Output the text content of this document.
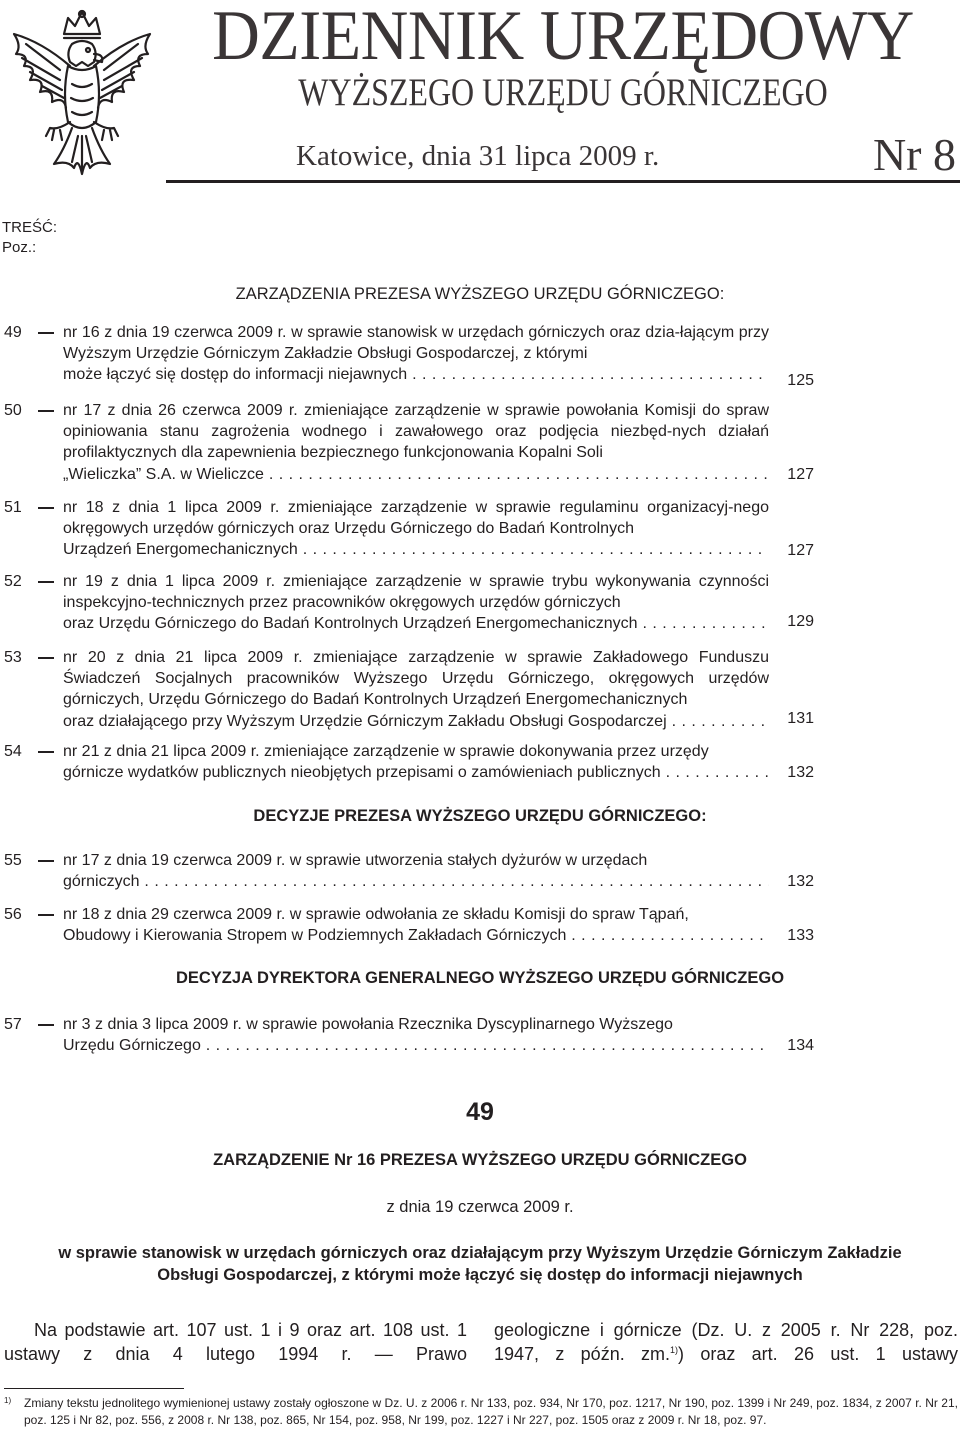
DZIENNIK URZĘDOWY
WYŻSZEGO URZĘDU GÓRNICZEGO
Katowice, dnia 31 lipca 2009 r.	Nr 8
TREŚĆ:
Poz.:
ZARZĄDZENIA PREZESA WYŻSZEGO URZĘDU GÓRNICZEGO:
49	nr 16 z dnia 19 czerwca 2009 r. w sprawie stanowisk w urzędach górniczych oraz dzia-łającym przy Wyższym Urzędzie Górniczym Zakładzie Obsługi Gospodarczej, z którymi
może łączyć się dostęp do informacji niejawnych . . .	125
50	nr 17 z dnia 26 czerwca 2009 r. zmieniające zarządzenie w sprawie powołania Komisji do spraw opiniowania stanu zagrożenia wodnego i zawałowego oraz podjęcia niezbęd-nych działań profilaktycznych dla zapewnienia bezpiecznego funkcjonowania Kopalni Soli
„Wieliczka” S.A. w Wieliczce . . .	127
51	nr 18 z dnia 1 lipca 2009 r. zmieniające zarządzenie w sprawie regulaminu organizacyj-nego okręgowych urzędów górniczych oraz Urzędu Górniczego do Badań Kontrolnych
Urządzeń Energomechanicznych . . .	127
52	nr 19 z dnia 1 lipca 2009 r. zmieniające zarządzenie w sprawie trybu wykonywania czynności inspekcyjno-technicznych przez pracowników okręgowych urzędów górniczych
oraz Urzędu Górniczego do Badań Kontrolnych Urządzeń Energomechanicznych . . .	129
53	nr 20 z dnia 21 lipca 2009 r. zmieniające zarządzenie w sprawie Zakładowego Funduszu Świadczeń Socjalnych pracowników Wyższego Urzędu Górniczego, okręgowych urzędów górniczych, Urzędu Górniczego do Badań Kontrolnych Urządzeń Energomechanicznych
oraz działającego przy Wyższym Urzędzie Górniczym Zakładu Obsługi Gospodarczej . . .	131
54	nr 21 z dnia 21 lipca 2009 r. zmieniające zarządzenie w sprawie dokonywania przez urzędy
górnicze wydatków publicznych nieobjętych przepisami o zamówieniach publicznych . . .	132
DECYZJE PREZESA WYŻSZEGO URZĘDU GÓRNICZEGO:
55	nr 17 z dnia 19 czerwca 2009 r. w sprawie utworzenia stałych dyżurów w urzędach
górniczych . . .	132
56	nr 18 z dnia 29 czerwca 2009 r. w sprawie odwołania ze składu Komisji do spraw Tąpań,
Obudowy i Kierowania Stropem w Podziemnych Zakładach Górniczych . . .	133
DECYZJA DYREKTORA GENERALNEGO WYŻSZEGO URZĘDU GÓRNICZEGO
57	nr 3 z dnia 3 lipca 2009 r. w sprawie powołania Rzecznika Dyscyplinarnego Wyższego
Urzędu Górniczego . . .	134
49
ZARZĄDZENIE Nr 16 PREZESA WYŻSZEGO URZĘDU GÓRNICZEGO
z dnia 19 czerwca 2009 r.
w sprawie stanowisk w urzędach górniczych oraz działającym przy Wyższym Urzędzie Górniczym Zakładzie Obsługi Gospodarczej, z którymi może łączyć się dostęp do informacji niejawnych
Na podstawie art. 107 ust. 1 i 9 oraz art. 108 ust. 1 ustawy z dnia 4 lutego 1994 r. — Prawo
geologiczne i górnicze (Dz. U. z 2005 r. Nr 228, poz. 1947, z późn. zm.$^{1)}$) oraz art. 26 ust. 1 ustawy
1) Zmiany tekstu jednolitego wymienionej ustawy zostały ogłoszone w Dz. U. z 2006 r. Nr 133, poz. 934, Nr 170, poz. 1217, Nr 190, poz. 1399 i Nr 249, poz. 1834, z 2007 r. Nr 21, poz. 125 i Nr 82, poz. 556, z 2008 r. Nr 138, poz. 865, Nr 154, poz. 958, Nr 199, poz. 1227 i Nr 227, poz. 1505 oraz z 2009 r. Nr 18, poz. 97.
